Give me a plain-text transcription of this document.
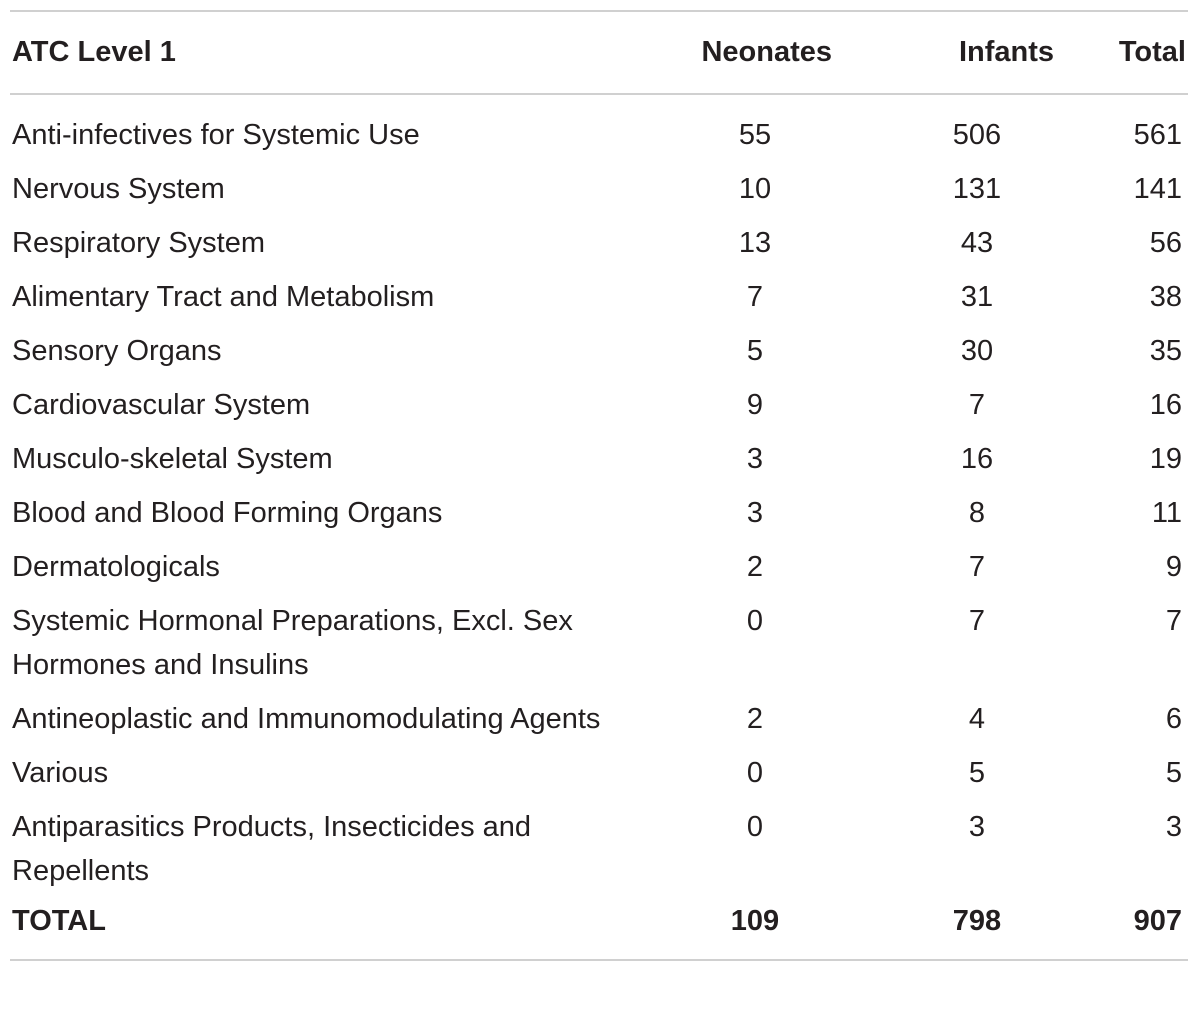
ATC Level 1	Neonates	Infants	Total
Anti-infectives for Systemic Use	55	506	561
Nervous System	10	131	141
Respiratory System	13	43	56
Alimentary Tract and Metabolism	7	31	38
Sensory Organs	5	30	35
Cardiovascular System	9	7	16
Musculo-skeletal System	3	16	19
Blood and Blood Forming Organs	3	8	11
Dermatologicals	2	7	9
Systemic Hormonal Preparations, Excl. Sex Hormones and Insulins	0	7	7
Antineoplastic and Immunomodulating Agents	2	4	6
Various	0	5	5
Antiparasitics Products, Insecticides and Repellents	0	3	3
TOTAL	109	798	907
